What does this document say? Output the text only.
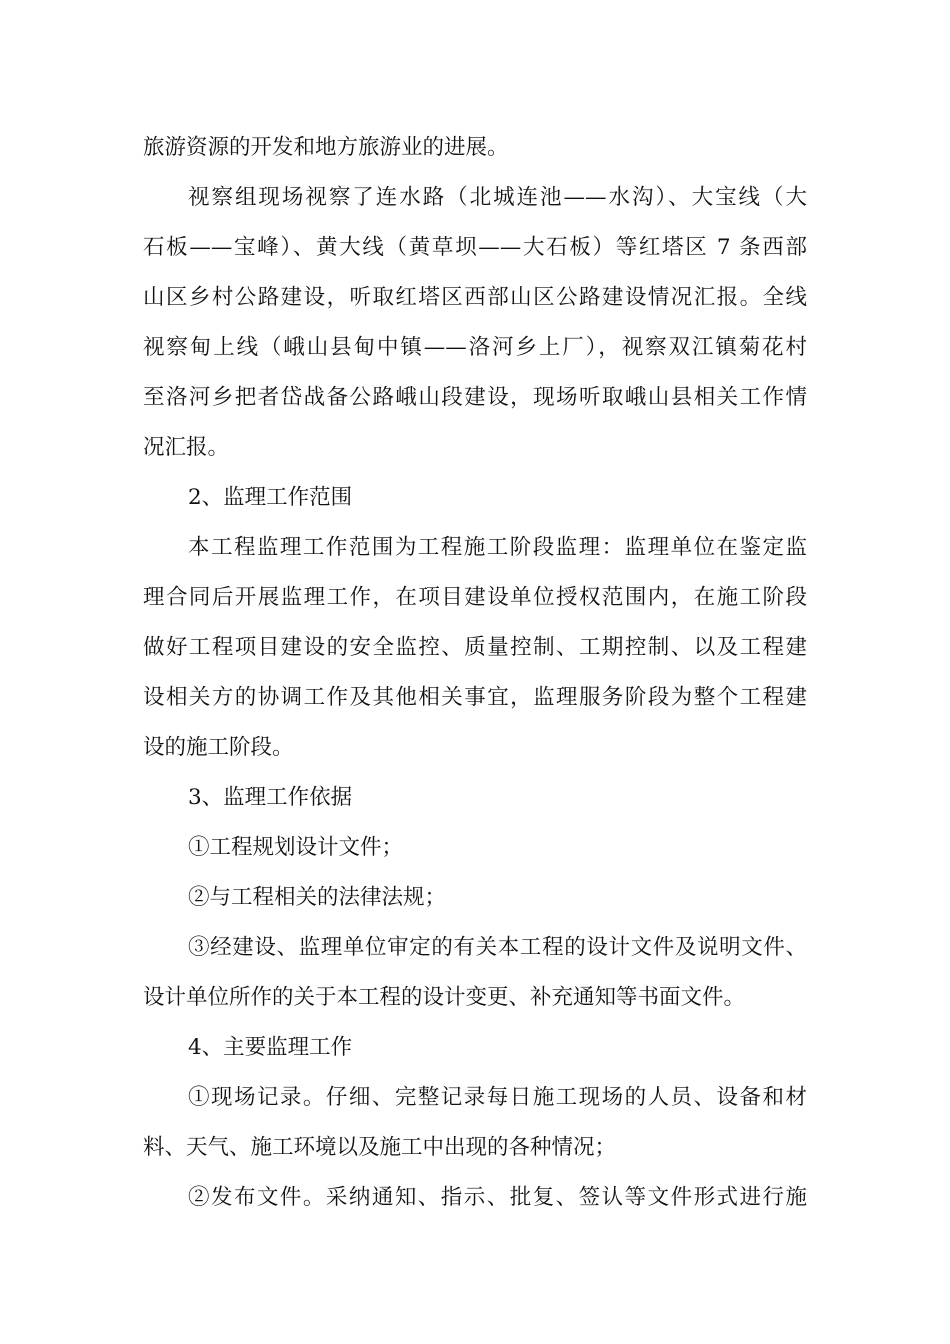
旅游资源的开发和地方旅游业的进展。
视察组现场视察了连水路（北城连池——水沟）、大宝线（大
石板——宝峰）、黄大线（黄草坝——大石板）等红塔区 7 条西部
山区乡村公路建设，听取红塔区西部山区公路建设情况汇报。全线
视察甸上线（峨山县甸中镇——洛河乡上厂），视察双江镇菊花村
至洛河乡把者岱战备公路峨山段建设，现场听取峨山县相关工作情
况汇报。
2、监理工作范围
本工程监理工作范围为工程施工阶段监理：监理单位在鉴定监
理合同后开展监理工作，在项目建设单位授权范围内，在施工阶段
做好工程项目建设的安全监控、质量控制、工期控制、以及工程建
设相关方的协调工作及其他相关事宜，监理服务阶段为整个工程建
设的施工阶段。
3、监理工作依据
①工程规划设计文件；
②与工程相关的法律法规；
③经建设、监理单位审定的有关本工程的设计文件及说明文件、
设计单位所作的关于本工程的设计变更、补充通知等书面文件。
4、主要监理工作
①现场记录。仔细、完整记录每日施工现场的人员、设备和材
料、天气、施工环境以及施工中出现的各种情况；
②发布文件。采纳通知、指示、批复、签认等文件形式进行施
